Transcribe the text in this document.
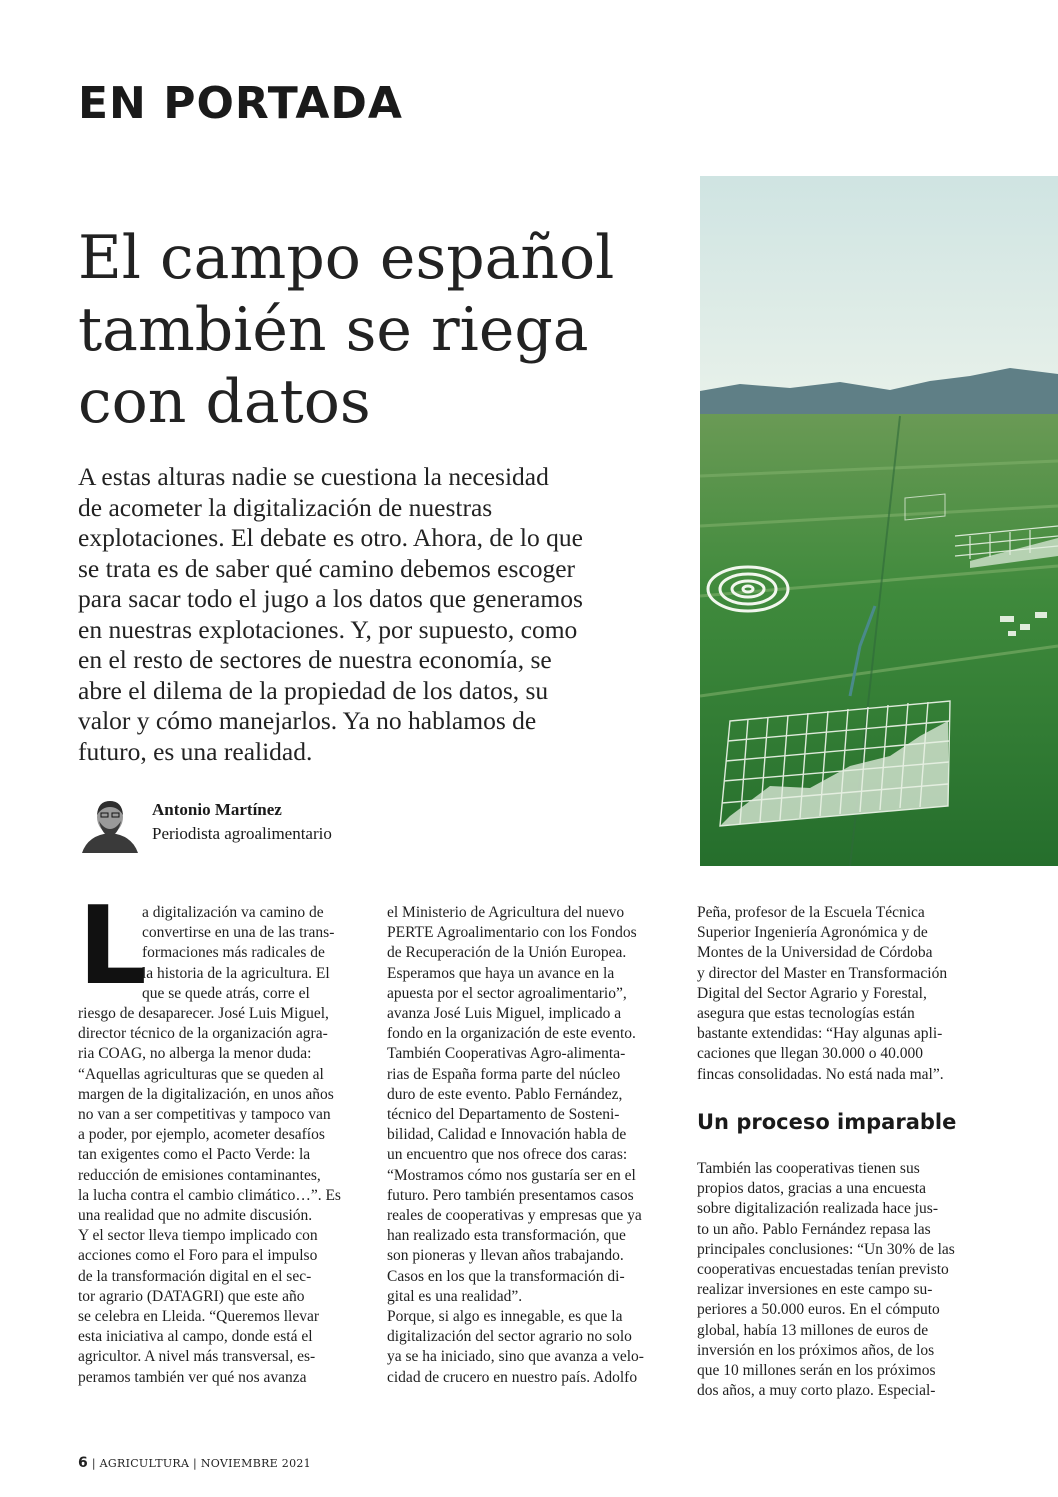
EN PORTADA
El campo español
también se riega
con datos

A estas alturas nadie se cuestiona la necesidad
de acometer la digitalización de nuestras
explotaciones. El debate es otro. Ahora, de lo que
se trata es de saber qué camino debemos escoger
para sacar todo el jugo a los datos que generamos
en nuestras explotaciones. Y, por supuesto, como
en el resto de sectores de nuestra economía, se
abre el dilema de la propiedad de los datos, su
valor y cómo manejarlos. Ya no hablamos de
futuro, es una realidad.

Antonio Martínez
Periodista agroalimentario
L
a digitalización va camino de
convertirse en una de las trans-
formaciones más radicales de
la historia de la agricultura. El
que se quede atrás, corre el
riesgo de desaparecer. José Luis Miguel,
director técnico de la organización agra-
ria COAG, no alberga la menor duda:
“Aquellas agriculturas que se queden al
margen de la digitalización, en unos años
no van a ser competitivas y tampoco van
a poder, por ejemplo, acometer desafíos
tan exigentes como el Pacto Verde: la
reducción de emisiones contaminantes,
la lucha contra el cambio climático…”. Es
una realidad que no admite discusión.
Y el sector lleva tiempo implicado con
acciones como el Foro para el impulso
de la transformación digital en el sec-
tor agrario (DATAGRI) que este año
se celebra en Lleida. “Queremos llevar
esta iniciativa al campo, donde está el
agricultor. A nivel más transversal, es-
peramos también ver qué nos avanza
el Ministerio de Agricultura del nuevo
PERTE Agroalimentario con los Fondos
de Recuperación de la Unión Europea.
Esperamos que haya un avance en la
apuesta por el sector agroalimentario”,
avanza José Luis Miguel, implicado a
fondo en la organización de este evento.
También Cooperativas Agro-alimenta-
rias de España forma parte del núcleo
duro de este evento. Pablo Fernández,
técnico del Departamento de Sosteni-
bilidad, Calidad e Innovación habla de
un encuentro que nos ofrece dos caras:
“Mostramos cómo nos gustaría ser en el
futuro. Pero también presentamos casos
reales de cooperativas y empresas que ya
han realizado esta transformación, que
son pioneras y llevan años trabajando.
Casos en los que la transformación di-
gital es una realidad”.
Porque, si algo es innegable, es que la
digitalización del sector agrario no solo
ya se ha iniciado, sino que avanza a velo-
cidad de crucero en nuestro país. Adolfo
Peña, profesor de la Escuela Técnica
Superior Ingeniería Agronómica y de
Montes de la Universidad de Córdoba
y director del Master en Transformación
Digital del Sector Agrario y Forestal,
asegura que estas tecnologías están
bastante extendidas: “Hay algunas apli-
caciones que llegan 30.000 o 40.000
fincas consolidadas. No está nada mal”.
Un proceso imparable
También las cooperativas tienen sus
propios datos, gracias a una encuesta
sobre digitalización realizada hace jus-
to un año. Pablo Fernández repasa las
principales conclusiones: “Un 30% de las
cooperativas encuestadas tenían previsto
realizar inversiones en este campo su-
periores a 50.000 euros. En el cómputo
global, había 13 millones de euros de
inversión en los próximos años, de los
que 10 millones serán en los próximos
dos años, a muy corto plazo. Especial-
6 | AGRICULTURA | NOVIEMBRE 2021
